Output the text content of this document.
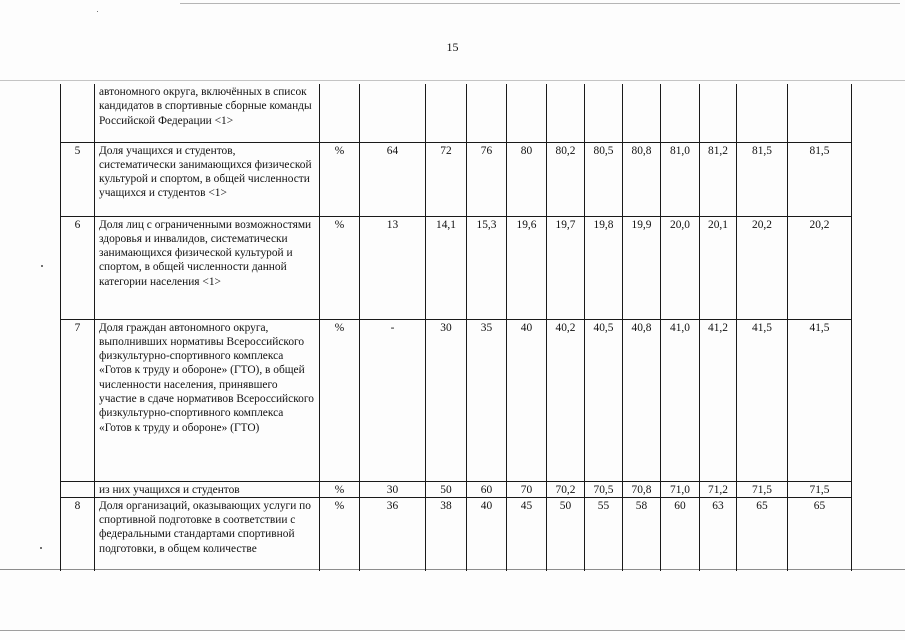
15
	автономного округа, включённых в список кандидатов в спортивные сборные команды Российской Федерации <1>												
5	Доля учащихся и студентов, систематически занимающихся физической культурой и спортом, в общей численности учащихся и студентов <1>	%	64	72	76	80	80,2	80,5	80,8	81,0	81,2	81,5	81,5
6	Доля лиц с ограниченными возможностями здоровья и инвалидов, систематически занимающихся физической культурой и спортом, в общей численности данной категории населения <1>	%	13	14,1	15,3	19,6	19,7	19,8	19,9	20,0	20,1	20,2	20,2
7	Доля граждан автономного округа, выполнивших нормативы Всероссийского физкультурно-спортивного комплекса «Готов к труду и обороне» (ГТО), в общей численности населения, принявшего участие в сдаче нормативов Всероссийского физкультурно-спортивного комплекса «Готов к труду и обороне» (ГТО)	%	-	30	35	40	40,2	40,5	40,8	41,0	41,2	41,5	41,5
	из них учащихся и студентов	%	30	50	60	70	70,2	70,5	70,8	71,0	71,2	71,5	71,5
8	Доля организаций, оказывающих услуги по спортивной подготовке в соответствии с федеральными стандартами спортивной подготовки, в общем количестве	%	36	38	40	45	50	55	58	60	63	65	65
